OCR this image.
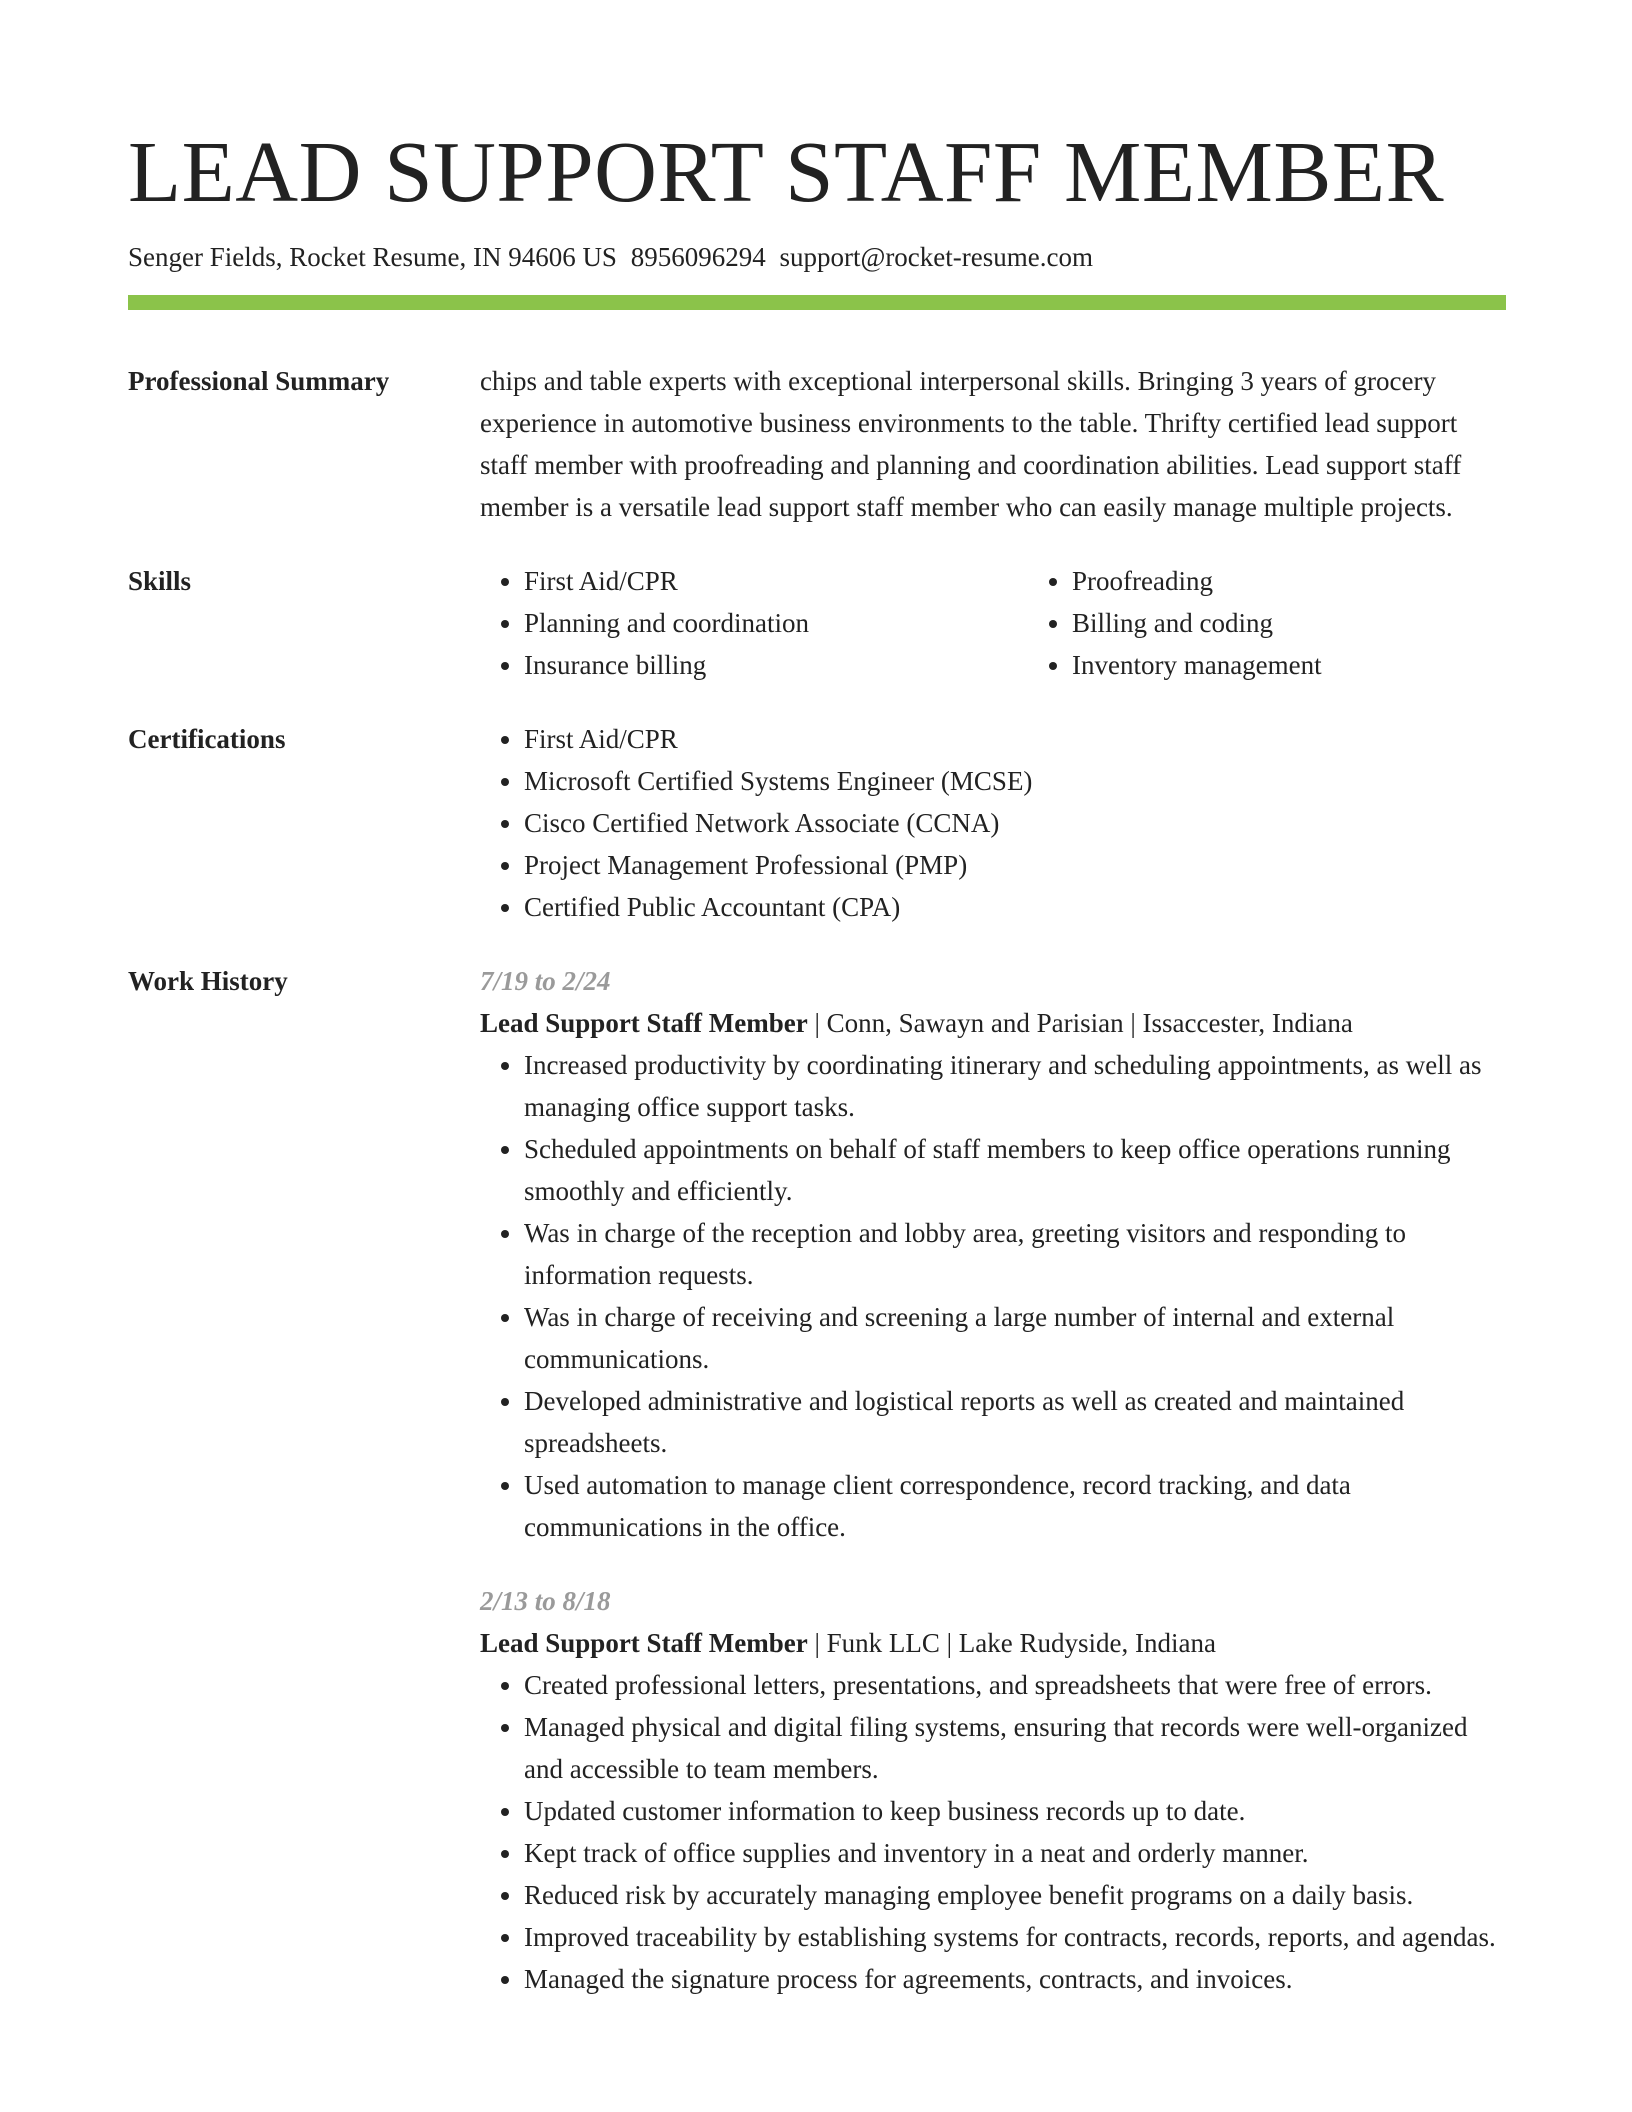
LEAD SUPPORT STAFF MEMBER
Senger Fields, Rocket Resume, IN 94606 US 8956096294 support@rocket-resume.com
Professional Summary	chips and table experts with exceptional interpersonal skills. Bringing 3 years of grocery experience in automotive business environments to the table. Thrifty certified lead support staff member with proofreading and planning and coordination abilities. Lead support staff member is a versatile lead support staff member who can easily manage multiple projects.

Skills	• First Aid/CPR
• Planning and coordination
• Insurance billing
• Proofreading
• Billing and coding
• Inventory management
Certifications	• First Aid/CPR
• Microsoft Certified Systems Engineer (MCSE)
• Cisco Certified Network Associate (CCNA)
• Project Management Professional (PMP)
• Certified Public Accountant (CPA)
Work History	7/19 to 2/24
Lead Support Staff Member | Conn, Sawayn and Parisian | Issaccester, Indiana
• Increased productivity by coordinating itinerary and scheduling appointments, as well as managing office support tasks.
• Scheduled appointments on behalf of staff members to keep office operations running smoothly and efficiently.
• Was in charge of the reception and lobby area, greeting visitors and responding to information requests.
• Was in charge of receiving and screening a large number of internal and external communications.
• Developed administrative and logistical reports as well as created and maintained spreadsheets.
• Used automation to manage client correspondence, record tracking, and data communications in the office.
2/13 to 8/18
Lead Support Staff Member | Funk LLC | Lake Rudyside, Indiana
• Created professional letters, presentations, and spreadsheets that were free of errors.
• Managed physical and digital filing systems, ensuring that records were well-organized and accessible to team members.
• Updated customer information to keep business records up to date.
• Kept track of office supplies and inventory in a neat and orderly manner.
• Reduced risk by accurately managing employee benefit programs on a daily basis.
• Improved traceability by establishing systems for contracts, records, reports, and agendas.
• Managed the signature process for agreements, contracts, and invoices.
